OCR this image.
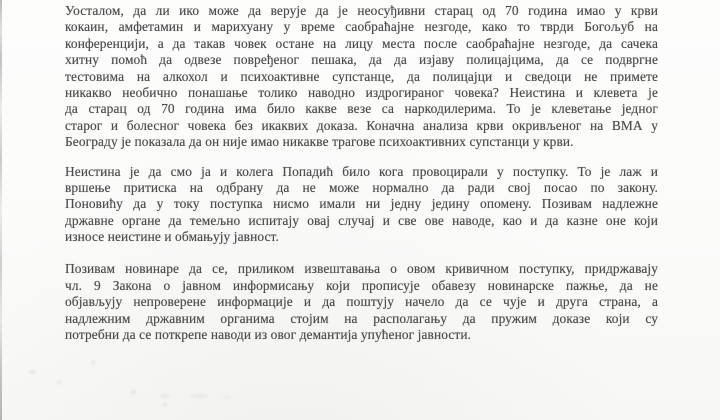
Уосталом, да ли ико може да верује да је неосуђивни старац од 70 година имао у крви
кокаин, амфетамин и марихуану у време саобраћајне незгоде, како то тврди Богољуб на
конференцији, а да такав човек остане на лицу места после саобраћајне незгоде, да сачека
хитну помоћ да одвезе повређеног пешака, да да изјаву полицајцима, да се подвргне
тестовима на алкохол и психоактивне супстанце, да полицајци и сведоци не примете
никакво необично понашање толико наводно издрогираног човека? Неистина и клевета је
да старац од 70 година има било какве везе са наркодилерима. То је клеветање једног
старог и болесног човека без икаквих доказа. Коначна анализа крви окривљеног на ВМА у
Београду је показала да он није имао никакве трагове психоактивних супстанци у крви.
Неистина је да смо ја и колега Попадић било кога провоцирали у поступку. То је лаж и
вршење притиска на одбрану да не може нормално да ради свој посао по закону.
Поновићу да у току поступка нисмо имали ни једну једину опомену. Позивам надлежне
државне органе да темељно испитају овај случај и све ове наводе, као и да казне оне који
износе неистине и обмањују јавност.
Позивам новинаре да се, приликом извештавања о овом кривичном поступку, придржавају
чл. 9 Закона о јавном информисању који прописује обавезу новинарске пажње, да не
објављују непроверене информације и да поштују начело да се чује и друга страна, а
надлежним државним органима стојим на располагању да пружим доказе који су
потребни да се поткрепе наводи из овог демантија упућеног јавности.
